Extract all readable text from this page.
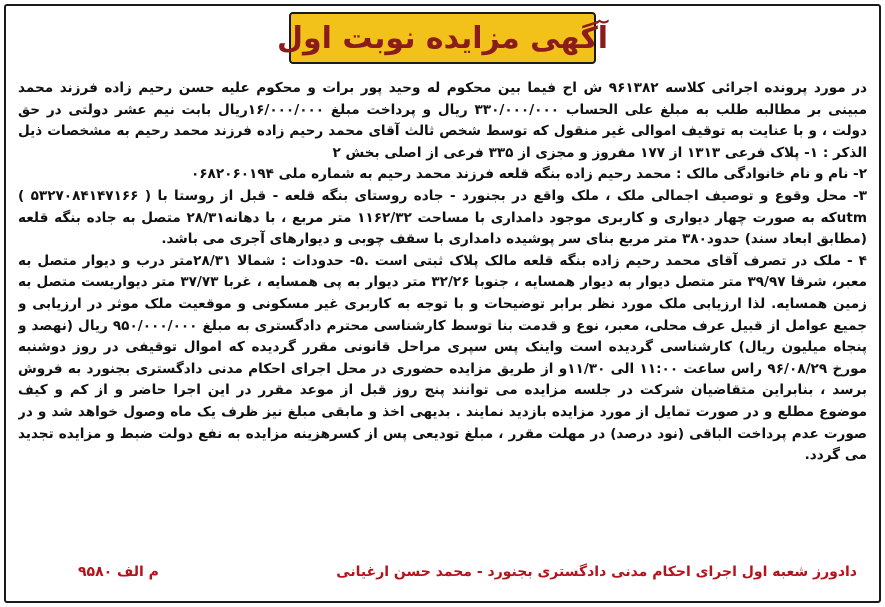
آگهی مزایده نوبت اول

در مورد پرونده اجرائی کلاسه ۹۶۱۳۸۲ ش اح فیما بین محکوم له وحید پور برات و محکوم علیه حسن رحیم زاده فرزند محمد مبینی بر مطالبه طلب به مبلغ علی الحساب ۳۳۰/۰۰۰/۰۰۰ ریال و پرداخت مبلغ ۱۶/۰۰۰/۰۰۰ریال بابت نیم عشر دولتی در حق دولت ، و با عنایت به توقیف اموالی غیر منقول که توسط شخص ثالث آقای محمد رحیم زاده فرزند محمد رحیم به مشخصات ذیل الذکر : ۱- پلاک فرعی ۱۳۱۳ از ۱۷۷ مفروز و مجزی از ۳۳۵ فرعی از اصلی بخش ۲

۲- نام و نام خانوادگی مالک : محمد رحیم زاده بنگه قلعه فرزند محمد رحیم به شماره ملی ۰۶۸۲۰۶۰۱۹۴

۳- محل وقوع و توصیف اجمالی ملک ، ملک واقع در بجنورد - جاده روستای بنگه قلعه - قبل از روستا با ( ۵۳۲۷۰۸۴۱۴۷۱۶۶ ) utmکه به صورت چهار دیواری و کاربری موجود دامداری با مساحت ۱۱۶۲/۳۲ متر مربع ، با دهانه۲۸/۳۱ متصل به جاده بنگه قلعه (مطابق ابعاد سند) حدود۳۸۰ متر مربع بنای سر پوشیده دامداری با سقف چوبی و دیوارهای آجری می باشد.

۴ - ملک در تصرف آقای محمد رحیم زاده بنگه قلعه مالک پلاک ثبتی است .۵- حدودات : شمالا ۲۸/۳۱متر درب و دیوار متصل به معبر، شرقا ۳۹/۹۷ متر متصل دیوار به دیوار همسایه ، جنوبا ۳۲/۲۶ متر دیوار به پی همسایه ، غربا ۳۷/۷۳ متر دیواریست متصل به زمین همسایه. لذا ارزیابی ملک مورد نظر برابر توضیحات و با توجه به کاربری غیر مسکونی و موقعیت ملک موثر در ارزیابی و جمیع عوامل از قبیل عرف محلی، معبر، نوع و قدمت بنا توسط کارشناسی محترم دادگستری به مبلغ ۹۵۰/۰۰۰/۰۰۰ ریال (نهصد و پنجاه میلیون ریال) کارشناسی گردیده است واینک پس سپری مراحل قانونی مقرر گردیده که اموال توقیفی در روز دوشنبه مورخ ۹۶/۰۸/۲۹ راس ساعت ۱۱:۰۰ الی ۱۱/۳۰و از طریق مزایده حضوری در محل اجرای احکام مدنی دادگستری بجنورد به فروش برسد ، بنابراین متقاضیان شرکت در جلسه مزایده می توانند پنج روز قبل از موعد مقرر در این اجرا حاضر و از کم و کیف موضوع مطلع و در صورت تمایل از مورد مزایده بازدید نمایند . بدیهی اخذ و مابقی مبلغ نیز ظرف یک ماه وصول خواهد شد و در صورت عدم پرداخت الباقی (نود درصد) در مهلت مقرر ، مبلغ تودیعی پس از کسرهزینه مزایده به نفع دولت ضبط و مزایده تجدید می گردد.

دادورز شعبه اول اجرای احکام مدنی دادگستری بجنورد - محمد حسن ارغیانی
م الف ۹۵۸۰
